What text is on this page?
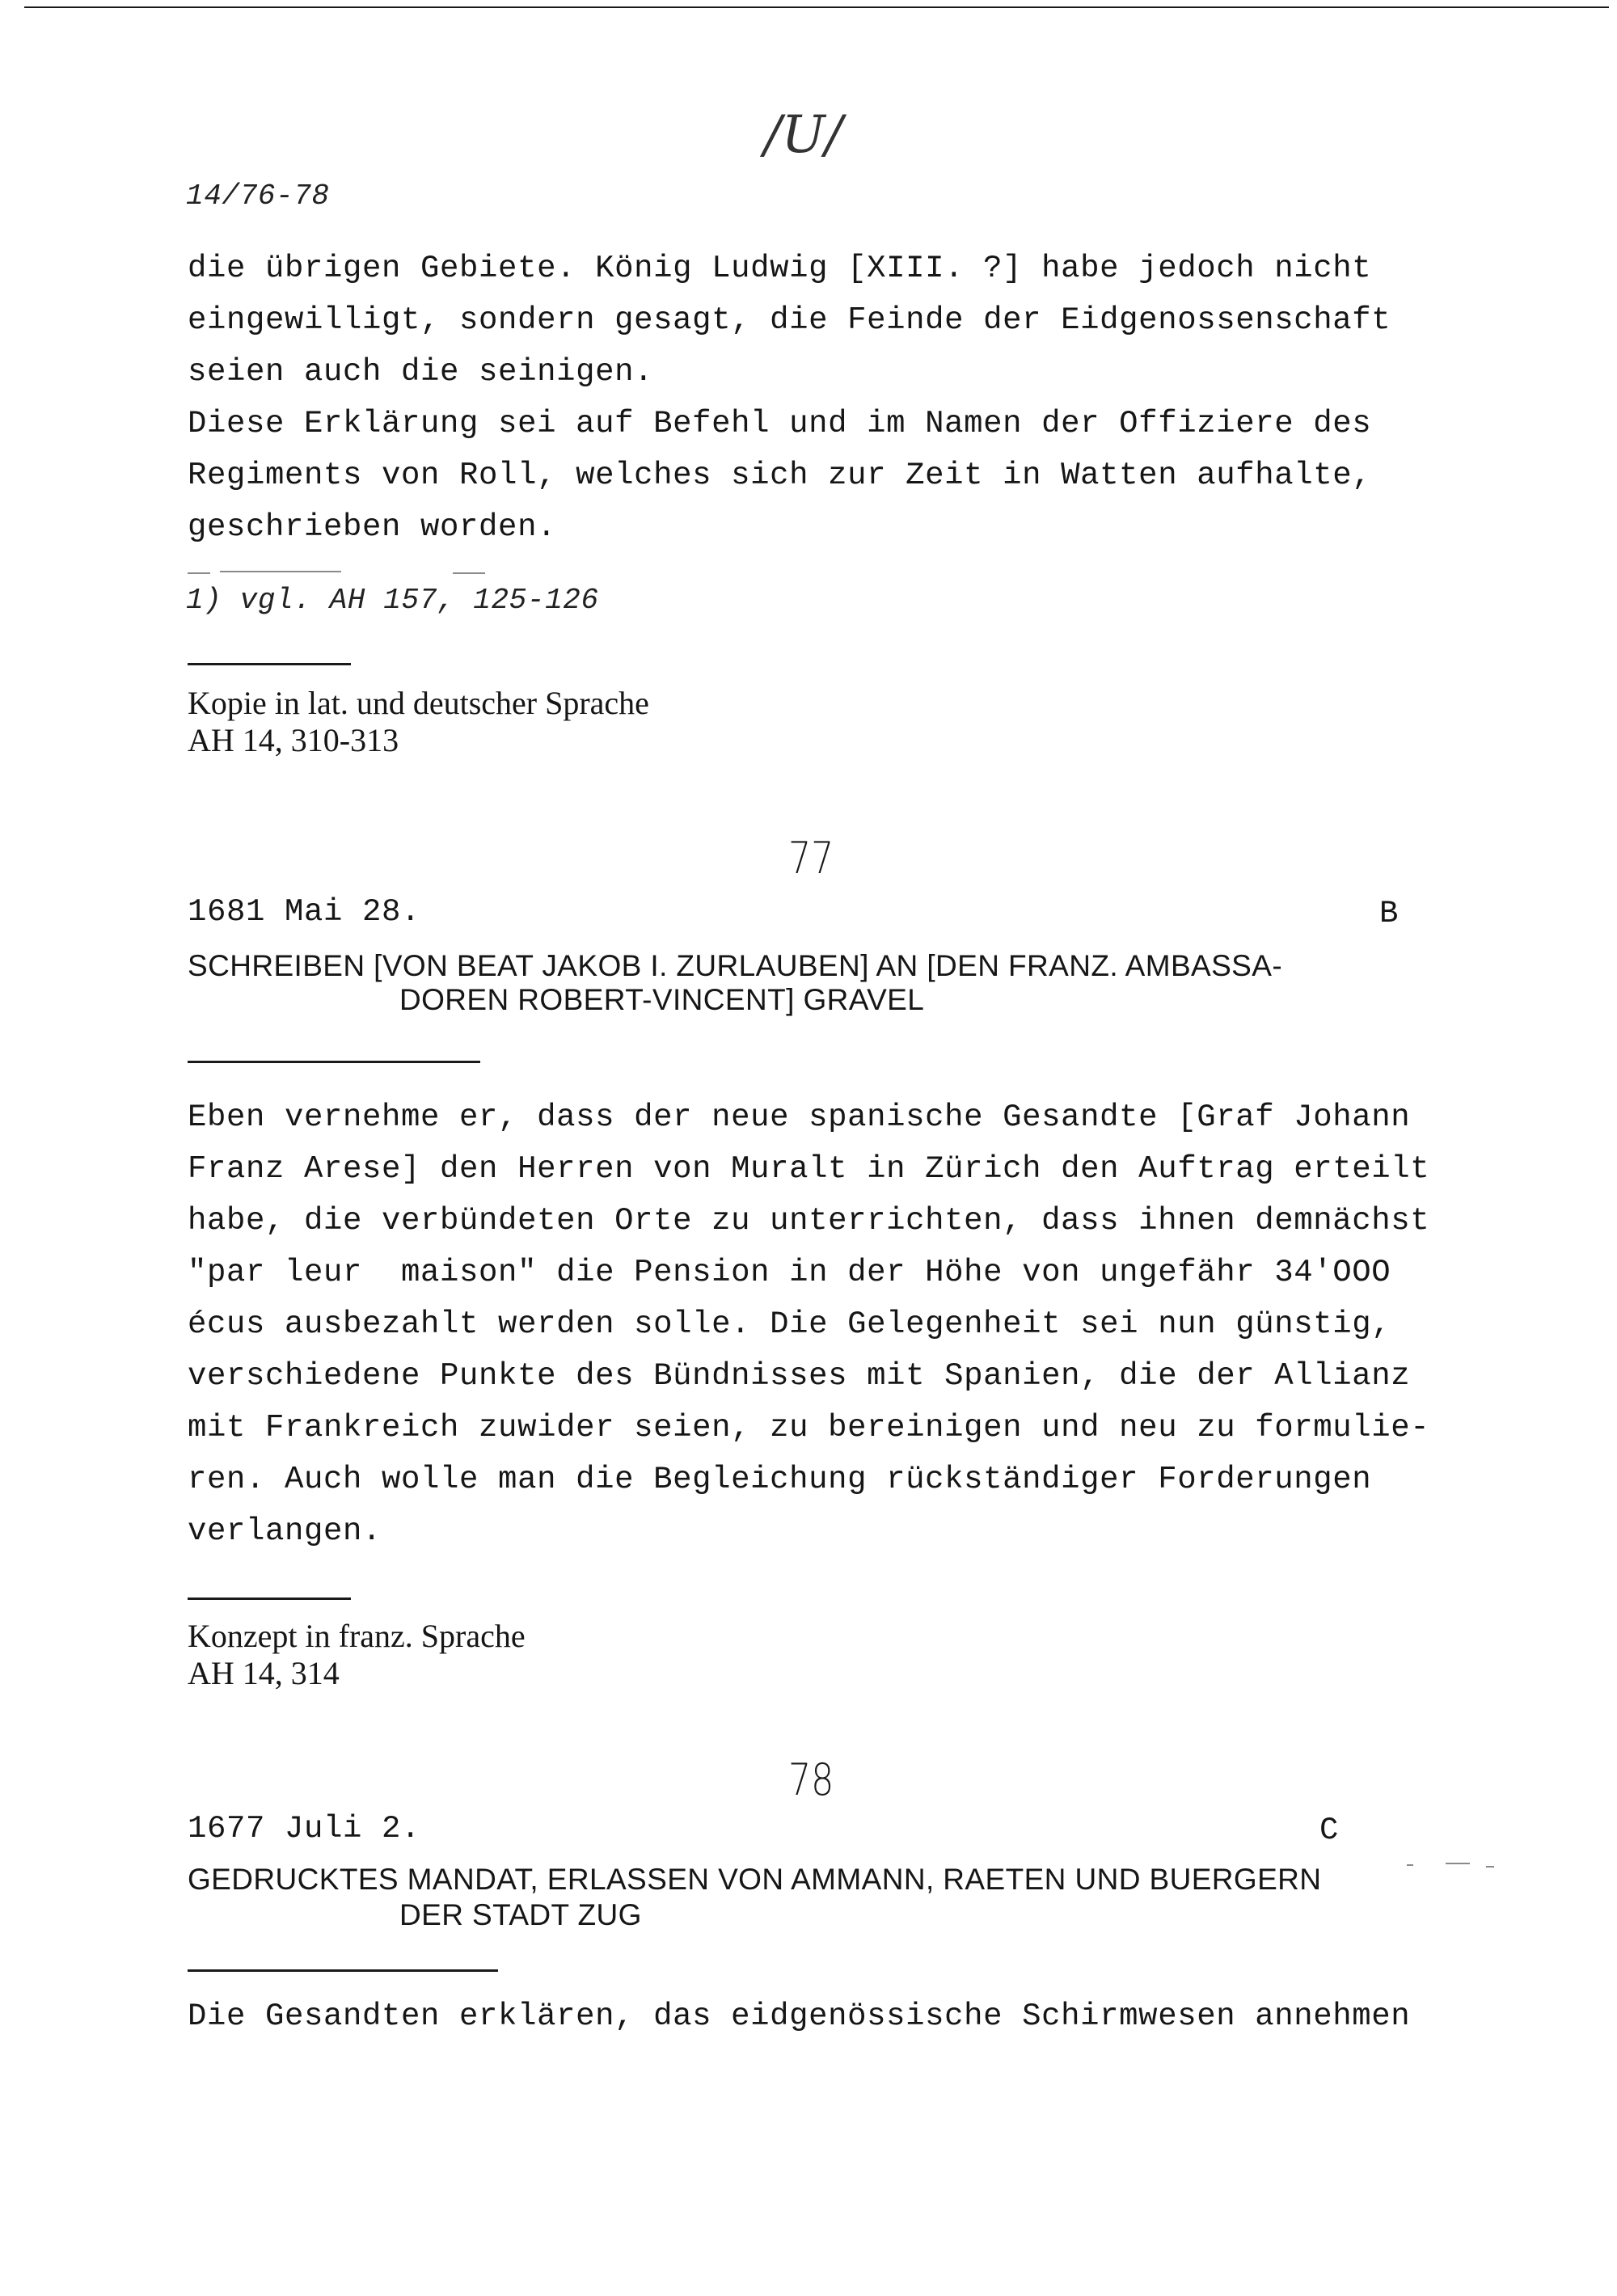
/U/
14/76-78
die übrigen Gebiete. König Ludwig [XIII. ?] habe jedoch nicht
eingewilligt, sondern gesagt, die Feinde der Eidgenossenschaft
seien auch die seinigen.
Diese Erklärung sei auf Befehl und im Namen der Offiziere des
Regiments von Roll, welches sich zur Zeit in Watten aufhalte,
geschrieben worden.
1) vgl. AH 157, 125-126
Kopie in lat. und deutscher Sprache
AH 14, 310-313
77
1681 Mai 28.	B
SCHREIBEN [VON BEAT JAKOB I. ZURLAUBEN] AN [DEN FRANZ. AMBASSA-
DOREN ROBERT-VINCENT] GRAVEL
Eben vernehme er, dass der neue spanische Gesandte [Graf Johann
Franz Arese] den Herren von Muralt in Zürich den Auftrag erteilt
habe, die verbündeten Orte zu unterrichten, dass ihnen demnächst
"par leur  maison" die Pension in der Höhe von ungefähr 34'OOO
écus ausbezahlt werden solle. Die Gelegenheit sei nun günstig,
verschiedene Punkte des Bündnisses mit Spanien, die der Allianz
mit Frankreich zuwider seien, zu bereinigen und neu zu formulie-
ren. Auch wolle man die Begleichung rückständiger Forderungen
verlangen.
Konzept in franz. Sprache
AH 14, 314
78
1677 Juli 2.	C
GEDRUCKTES MANDAT, ERLASSEN VON AMMANN, RAETEN UND BUERGERN
DER STADT ZUG
Die Gesandten erklären, das eidgenössische Schirmwesen annehmen
